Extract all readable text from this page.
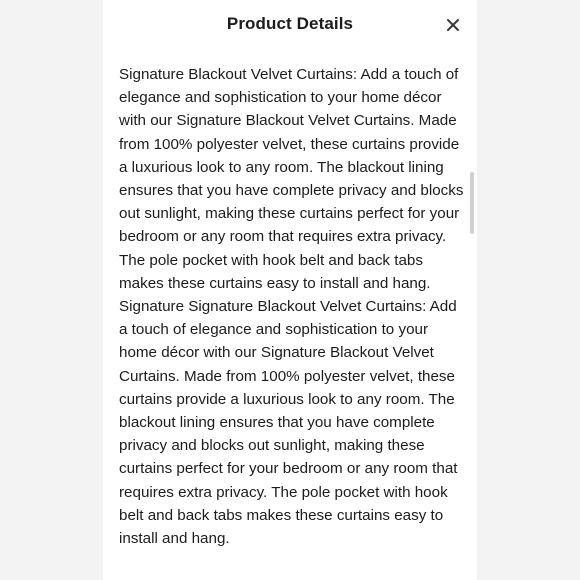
Product Details

Signature Blackout Velvet Curtains: Add a touch of elegance and sophistication to your home décor with our Signature Blackout Velvet Curtains. Made from 100% polyester velvet, these curtains provide a luxurious look to any room. The blackout lining ensures that you have complete privacy and blocks out sunlight, making these curtains perfect for your bedroom or any room that requires extra privacy. The pole pocket with hook belt and back tabs makes these curtains easy to install and hang.

Signature Signature Blackout Velvet Curtains: Add a touch of elegance and sophistication to your home décor with our Signature Blackout Velvet Curtains. Made from 100% polyester velvet, these curtains provide a luxurious look to any room. The blackout lining ensures that you have complete privacy and blocks out sunlight, making these curtains perfect for your bedroom or any room that requires extra privacy. The pole pocket with hook belt and back tabs makes these curtains easy to install and hang.
